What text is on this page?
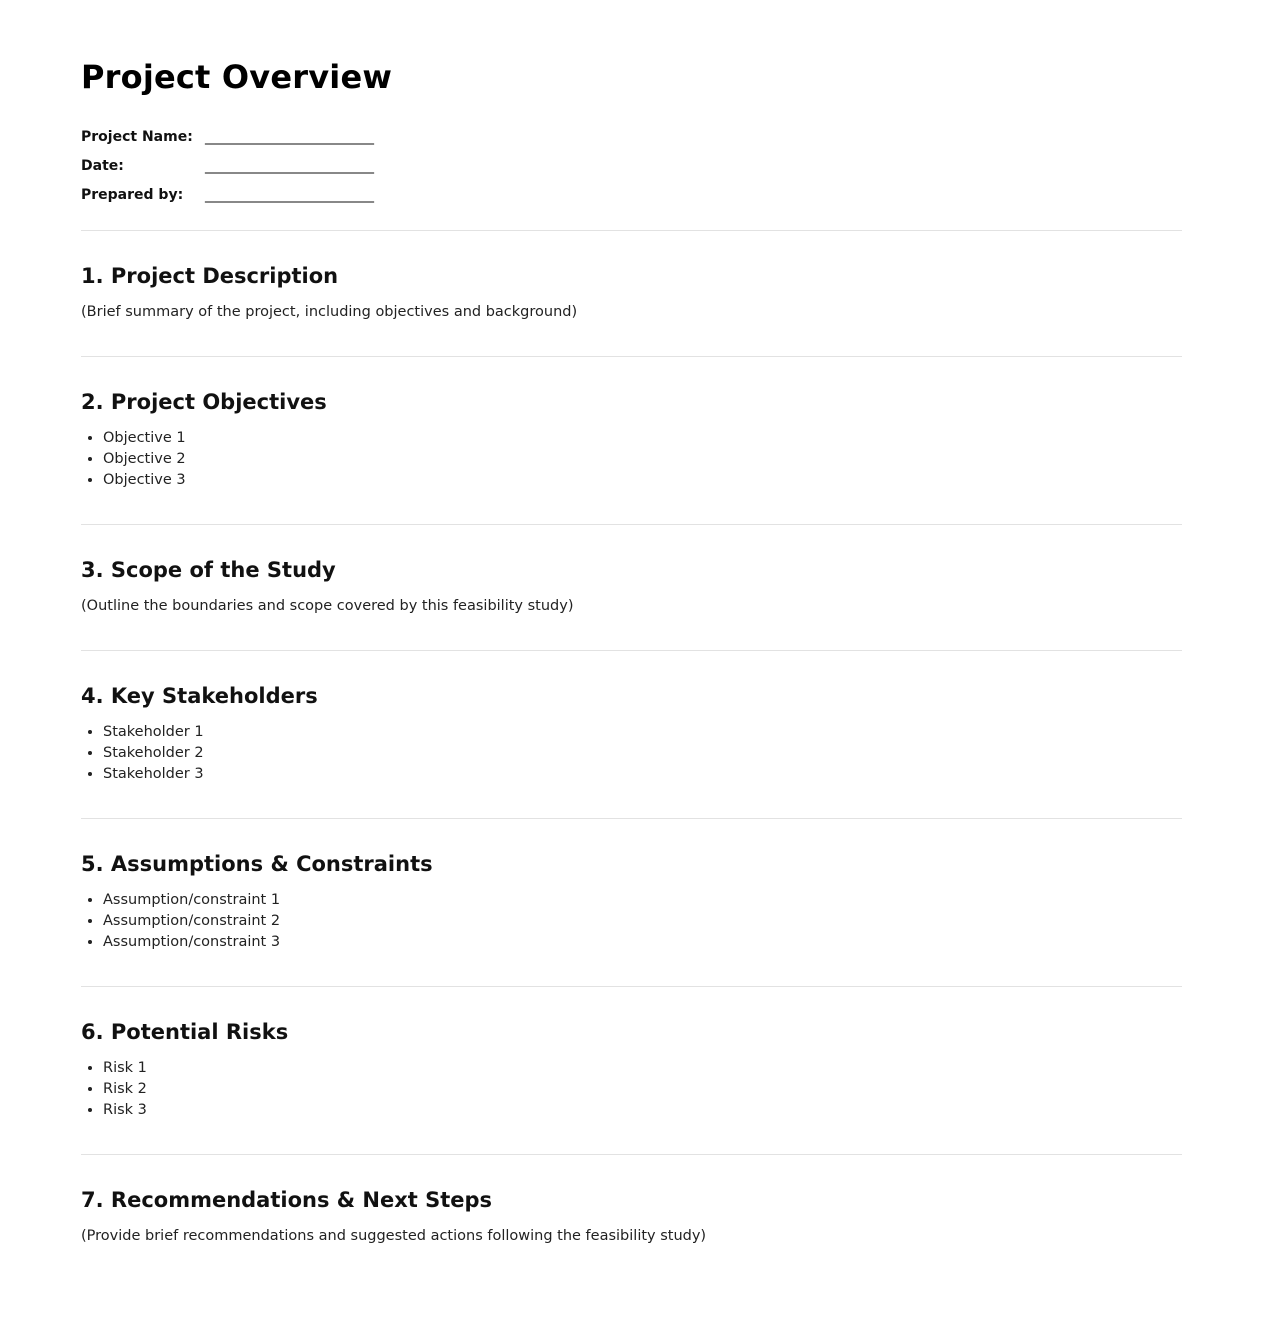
Project Overview
Project Name: ____________________________
Date:	____________________________
Prepared by:	____________________________
1. Project Description

(Brief summary of the project, including objectives and background)

2. Project Objectives
• Objective 1
• Objective 2
• Objective 3
3. Scope of the Study

(Outline the boundaries and scope covered by this feasibility study)

4. Key Stakeholders
• Stakeholder 1
• Stakeholder 2
• Stakeholder 3
5. Assumptions & Constraints
• Assumption/constraint 1
• Assumption/constraint 2
• Assumption/constraint 3
6. Potential Risks
• Risk 1
• Risk 2
• Risk 3
7. Recommendations & Next Steps

(Provide brief recommendations and suggested actions following the feasibility study)
